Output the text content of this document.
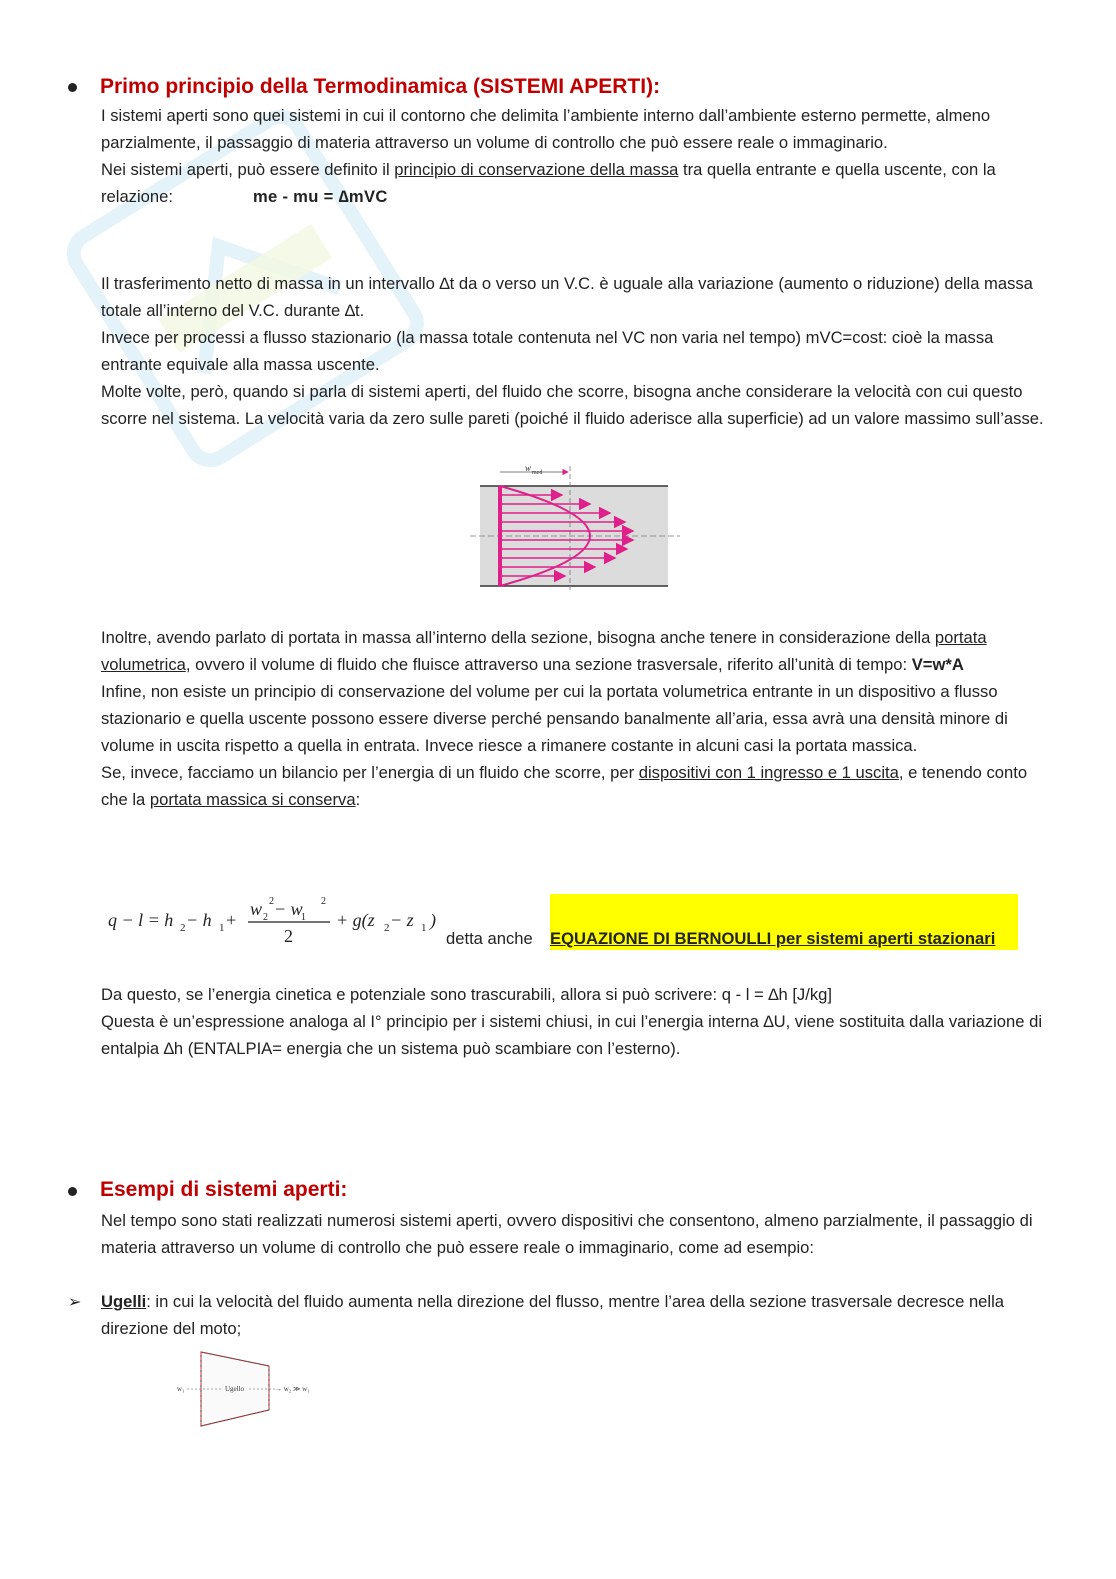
Primo principio della Termodinamica (SISTEMI APERTI):

I sistemi aperti sono quei sistemi in cui il contorno che delimita l’ambiente interno dall’ambiente esterno permette, almeno parzialmente, il passaggio di materia attraverso un volume di controllo che può essere reale o immaginario.

Nei sistemi aperti, può essere definito il principio di conservazione della massa tra quella entrante e quella uscente, con la relazione:	me - mu = ∆mVC

Il trasferimento netto di massa in un intervallo ∆t da o verso un V.C. è uguale alla variazione (aumento o riduzione) della massa totale all’interno del V.C. durante ∆t.

Invece per processi a flusso stazionario (la massa totale contenuta nel VC non varia nel tempo) mVC=cost: cioè la massa entrante equivale alla massa uscente.

Molte volte, però, quando si parla di sistemi aperti, del fluido che scorre, bisogna anche considerare la velocità con cui questo scorre nel sistema. La velocità varia da zero sulle pareti (poiché il fluido aderisce alla superficie) ad un valore massimo sull’asse.

w med

Inoltre, avendo parlato di portata in massa all’interno della sezione, bisogna anche tenere in considerazione della portata volumetrica, ovvero il volume di fluido che fluisce attraverso una sezione trasversale, riferito all’unità di tempo: V=w*A

Infine, non esiste un principio di conservazione del volume per cui la portata volumetrica entrante in un dispositivo a flusso stazionario e quella uscente possono essere diverse perché pensando banalmente all’aria, essa avrà una densità minore di volume in uscita rispetto a quella in entrata. Invece riesce a rimanere costante in alcuni casi la portata massica.

Se, invece, facciamo un bilancio per l’energia di un fluido che scorre, per dispositivi con 1 ingresso e 1 uscita, e tenendo conto che la portata massica si conserva:

q − l = h 2 − h 1 +
w 2
2 − w
1
2
2
+ g(z 2 − z 1 )
detta anche EQUAZIONE DI BERNOULLI per sistemi aperti stazionari

Da questo, se l’energia cinetica e potenziale sono trascurabili, allora si può scrivere: q - l = ∆h [J/kg]

Questa è un’espressione analoga al I° principio per i sistemi chiusi, in cui l’energia interna ∆U, viene sostituita dalla variazione di entalpia ∆h (ENTALPIA= energia che un sistema può scambiare con l’esterno).

Esempi di sistemi aperti:

Nel tempo sono stati realizzati numerosi sistemi aperti, ovvero dispositivi che consentono, almeno parzialmente, il passaggio di materia attraverso un volume di controllo che può essere reale o immaginario, come ad esempio:

➢ Ugelli: in cui la velocità del fluido aumenta nella direzione del flusso, mentre l’area della sezione trasversale decresce nella direzione del moto;

w₁	Ugello	→ w₂ ≫ w₁
